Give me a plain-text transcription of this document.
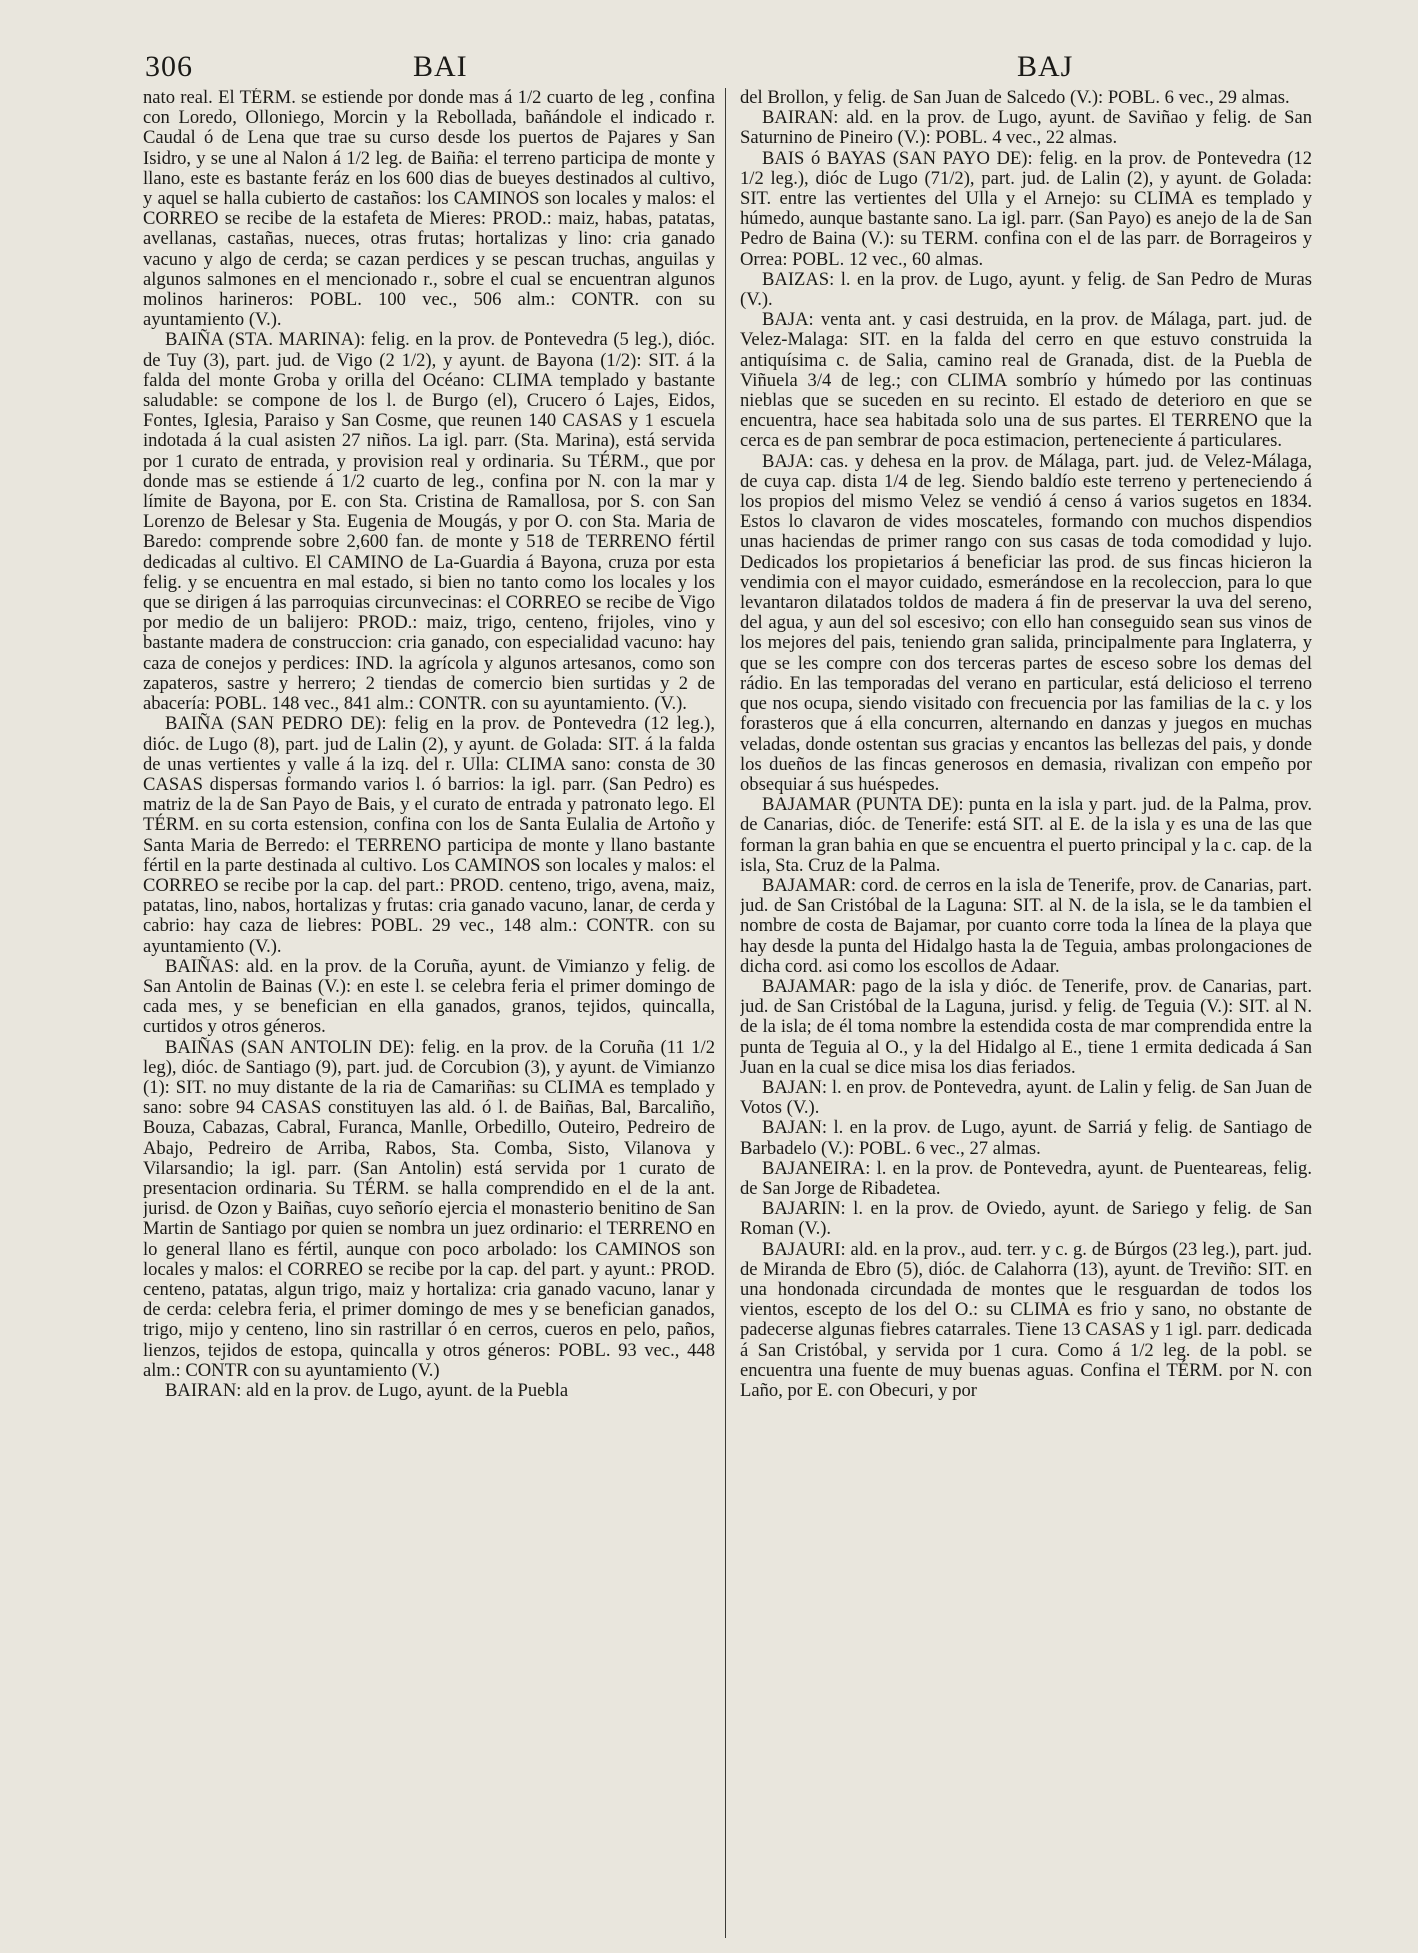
306	BAI	BAJ

nato real. El TÉRM. se estiende por donde mas á 1/2 cuarto de leg , confina con Loredo, Olloniego, Morcin y la Rebollada, bañándole el indicado r. Caudal ó de Lena que trae su curso desde los puertos de Pajares y San Isidro, y se une al Nalon á 1/2 leg. de Baiña: el terreno participa de monte y llano, este es bastante feráz en los 600 dias de bueyes destinados al cultivo, y aquel se halla cubierto de castaños: los CAMINOS son locales y malos: el CORREO se recibe de la estafeta de Mieres: PROD.: maiz, habas, patatas, avellanas, castañas, nueces, otras frutas; hortalizas y lino: cria ganado vacuno y algo de cerda; se cazan perdices y se pescan truchas, anguilas y algunos salmones en el mencionado r., sobre el cual se encuentran algunos molinos harineros: POBL. 100 vec., 506 alm.: CONTR. con su ayuntamiento (V.).

BAIÑA (STA. MARINA): felig. en la prov. de Pontevedra (5 leg.), dióc. de Tuy (3), part. jud. de Vigo (2 1/2), y ayunt. de Bayona (1/2): SIT. á la falda del monte Groba y orilla del Océano: CLIMA templado y bastante saludable: se compone de los l. de Burgo (el), Crucero ó Lajes, Eidos, Fontes, Iglesia, Paraiso y San Cosme, que reunen 140 CASAS y 1 escuela indotada á la cual asisten 27 niños. La igl. parr. (Sta. Marina), está servida por 1 curato de entrada, y provision real y ordinaria. Su TÉRM., que por donde mas se estiende á 1/2 cuarto de leg., confina por N. con la mar y límite de Bayona, por E. con Sta. Cristina de Ramallosa, por S. con San Lorenzo de Belesar y Sta. Eugenia de Mougás, y por O. con Sta. Maria de Baredo: comprende sobre 2,600 fan. de monte y 518 de TERRENO fértil dedicadas al cultivo. El CAMINO de La-Guardia á Bayona, cruza por esta felig. y se encuentra en mal estado, si bien no tanto como los locales y los que se dirigen á las parroquias circunvecinas: el CORREO se recibe de Vigo por medio de un balijero: PROD.: maiz, trigo, centeno, frijoles, vino y bastante madera de construccion: cria ganado, con especialidad vacuno: hay caza de conejos y perdices: IND. la agrícola y algunos artesanos, como son zapateros, sastre y herrero; 2 tiendas de comercio bien surtidas y 2 de abacería: POBL. 148 vec., 841 alm.: CONTR. con su ayuntamiento. (V.).

BAIÑA (SAN PEDRO DE): felig en la prov. de Pontevedra (12 leg.), dióc. de Lugo (8), part. jud de Lalin (2), y ayunt. de Golada: SIT. á la falda de unas vertientes y valle á la izq. del r. Ulla: CLIMA sano: consta de 30 CASAS dispersas formando varios l. ó barrios: la igl. parr. (San Pedro) es matriz de la de San Payo de Bais, y el curato de entrada y patronato lego. El TÉRM. en su corta estension, confina con los de Santa Eulalia de Artoño y Santa Maria de Berredo: el TERRENO participa de monte y llano bastante fértil en la parte destinada al cultivo. Los CAMINOS son locales y malos: el CORREO se recibe por la cap. del part.: PROD. centeno, trigo, avena, maiz, patatas, lino, nabos, hortalizas y frutas: cria ganado vacuno, lanar, de cerda y cabrio: hay caza de liebres: POBL. 29 vec., 148 alm.: CONTR. con su ayuntamiento (V.).

BAIÑAS: ald. en la prov. de la Coruña, ayunt. de Vimianzo y felig. de San Antolin de Bainas (V.): en este l. se celebra feria el primer domingo de cada mes, y se benefician en ella ganados, granos, tejidos, quincalla, curtidos y otros géneros.

BAIÑAS (SAN ANTOLIN DE): felig. en la prov. de la Coruña (11 1/2 leg), dióc. de Santiago (9), part. jud. de Corcubion (3), y ayunt. de Vimianzo (1): SIT. no muy distante de la ria de Camariñas: su CLIMA es templado y sano: sobre 94 CASAS constituyen las ald. ó l. de Baiñas, Bal, Barcaliño, Bouza, Cabazas, Cabral, Furanca, Manlle, Orbedillo, Outeiro, Pedreiro de Abajo, Pedreiro de Arriba, Rabos, Sta. Comba, Sisto, Vilanova y Vilarsandio; la igl. parr. (San Antolin) está servida por 1 curato de presentacion ordinaria. Su TÉRM. se halla comprendido en el de la ant. jurisd. de Ozon y Baiñas, cuyo señorío ejercia el monasterio benitino de San Martin de Santiago por quien se nombra un juez ordinario: el TERRENO en lo general llano es fértil, aunque con poco arbolado: los CAMINOS son locales y malos: el CORREO se recibe por la cap. del part. y ayunt.: PROD. centeno, patatas, algun trigo, maiz y hortaliza: cria ganado vacuno, lanar y de cerda: celebra feria, el primer domingo de mes y se benefician ganados, trigo, mijo y centeno, lino sin rastrillar ó en cerros, cueros en pelo, paños, lienzos, tejidos de estopa, quincalla y otros géneros: POBL. 93 vec., 448 alm.: CONTR con su ayuntamiento (V.)

BAIRAN: ald en la prov. de Lugo, ayunt. de la Puebla

del Brollon, y felig. de San Juan de Salcedo (V.): POBL. 6 vec., 29 almas.

BAIRAN: ald. en la prov. de Lugo, ayunt. de Saviñao y felig. de San Saturnino de Pineiro (V.): POBL. 4 vec., 22 almas.

BAIS ó BAYAS (SAN PAYO DE): felig. en la prov. de Pontevedra (12 1/2 leg.), dióc de Lugo (71/2), part. jud. de Lalin (2), y ayunt. de Golada: SIT. entre las vertientes del Ulla y el Arnejo: su CLIMA es templado y húmedo, aunque bastante sano. La igl. parr. (San Payo) es anejo de la de San Pedro de Baina (V.): su TERM. confina con el de las parr. de Borrageiros y Orrea: POBL. 12 vec., 60 almas.

BAIZAS: l. en la prov. de Lugo, ayunt. y felig. de San Pedro de Muras (V.).

BAJA: venta ant. y casi destruida, en la prov. de Málaga, part. jud. de Velez-Malaga: SIT. en la falda del cerro en que estuvo construida la antiquísima c. de Salia, camino real de Granada, dist. de la Puebla de Viñuela 3/4 de leg.; con CLIMA sombrío y húmedo por las continuas nieblas que se suceden en su recinto. El estado de deterioro en que se encuentra, hace sea habitada solo una de sus partes. El TERRENO que la cerca es de pan sembrar de poca estimacion, perteneciente á particulares.

BAJA: cas. y dehesa en la prov. de Málaga, part. jud. de Velez-Málaga, de cuya cap. dista 1/4 de leg. Siendo baldío este terreno y perteneciendo á los propios del mismo Velez se vendió á censo á varios sugetos en 1834. Estos lo clavaron de vides moscateles, formando con muchos dispendios unas haciendas de primer rango con sus casas de toda comodidad y lujo. Dedicados los propietarios á beneficiar las prod. de sus fincas hicieron la vendimia con el mayor cuidado, esmerándose en la recoleccion, para lo que levantaron dilatados toldos de madera á fin de preservar la uva del sereno, del agua, y aun del sol escesivo; con ello han conseguido sean sus vinos de los mejores del pais, teniendo gran salida, principalmente para Inglaterra, y que se les compre con dos terceras partes de esceso sobre los demas del rádio. En las temporadas del verano en particular, está delicioso el terreno que nos ocupa, siendo visitado con frecuencia por las familias de la c. y los forasteros que á ella concurren, alternando en danzas y juegos en muchas veladas, donde ostentan sus gracias y encantos las bellezas del pais, y donde los dueños de las fincas generosos en demasia, rivalizan con empeño por obsequiar á sus huéspedes.

BAJAMAR (PUNTA DE): punta en la isla y part. jud. de la Palma, prov. de Canarias, dióc. de Tenerife: está SIT. al E. de la isla y es una de las que forman la gran bahia en que se encuentra el puerto principal y la c. cap. de la isla, Sta. Cruz de la Palma.

BAJAMAR: cord. de cerros en la isla de Tenerife, prov. de Canarias, part. jud. de San Cristóbal de la Laguna: SIT. al N. de la isla, se le da tambien el nombre de costa de Bajamar, por cuanto corre toda la línea de la playa que hay desde la punta del Hidalgo hasta la de Teguia, ambas prolongaciones de dicha cord. asi como los escollos de Adaar.

BAJAMAR: pago de la isla y dióc. de Tenerife, prov. de Canarias, part. jud. de San Cristóbal de la Laguna, jurisd. y felig. de Teguia (V.): SIT. al N. de la isla; de él toma nombre la estendida costa de mar comprendida entre la punta de Teguia al O., y la del Hidalgo al E., tiene 1 ermita dedicada á San Juan en la cual se dice misa los dias feriados.

BAJAN: l. en prov. de Pontevedra, ayunt. de Lalin y felig. de San Juan de Votos (V.).

BAJAN: l. en la prov. de Lugo, ayunt. de Sarriá y felig. de Santiago de Barbadelo (V.): POBL. 6 vec., 27 almas.

BAJANEIRA: l. en la prov. de Pontevedra, ayunt. de Puenteareas, felig. de San Jorge de Ribadetea.

BAJARIN: l. en la prov. de Oviedo, ayunt. de Sariego y felig. de San Roman (V.).

BAJAURI: ald. en la prov., aud. terr. y c. g. de Búrgos (23 leg.), part. jud. de Miranda de Ebro (5), dióc. de Calahorra (13), ayunt. de Treviño: SIT. en una hondonada circundada de montes que le resguardan de todos los vientos, escepto de los del O.: su CLIMA es frio y sano, no obstante de padecerse algunas fiebres catarrales. Tiene 13 CASAS y 1 igl. parr. dedicada á San Cristóbal, y servida por 1 cura. Como á 1/2 leg. de la pobl. se encuentra una fuente de muy buenas aguas. Confina el TÉRM. por N. con Laño, por E. con Obecuri, y por
